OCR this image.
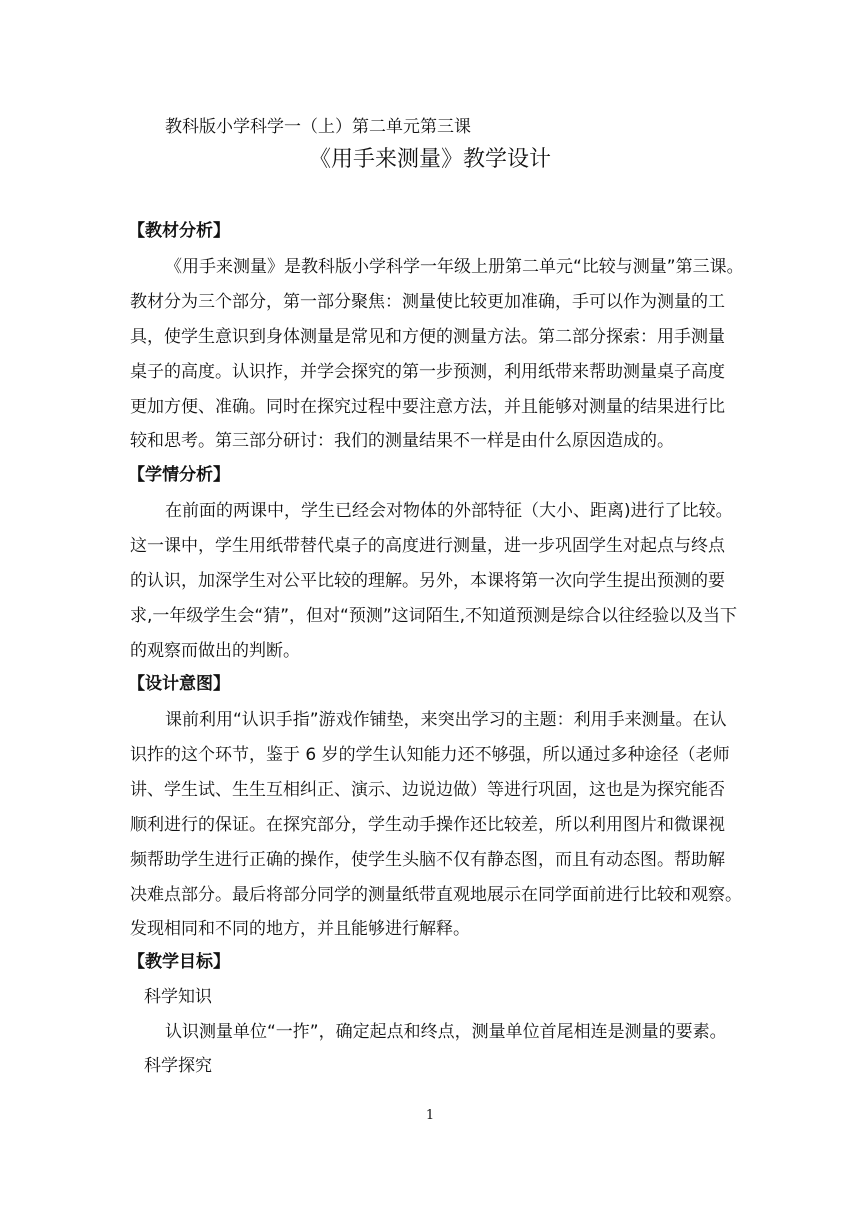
教科版小学科学一（上）第二单元第三课
《用手来测量》教学设计
【教材分析】
《用手来测量》是教科版小学科学一年级上册第二单元“比较与测量”第三课。
教材分为三个部分，第一部分聚焦：测量使比较更加准确，手可以作为测量的工
具，使学生意识到身体测量是常见和方便的测量方法。第二部分探索：用手测量
桌子的高度。认识拃，并学会探究的第一步预测，利用纸带来帮助测量桌子高度
更加方便、准确。同时在探究过程中要注意方法，并且能够对测量的结果进行比
较和思考。第三部分研讨：我们的测量结果不一样是由什么原因造成的。
【学情分析】
在前面的两课中，学生已经会对物体的外部特征（大小、距离)进行了比较。
这一课中，学生用纸带替代桌子的高度进行测量，进一步巩固学生对起点与终点
的认识，加深学生对公平比较的理解。另外，本课将第一次向学生提出预测的要
求,一年级学生会“猜”，但对“预测”这词陌生,不知道预测是综合以往经验以及当下
的观察而做出的判断。
【设计意图】
课前利用“认识手指”游戏作铺垫，来突出学习的主题：利用手来测量。在认
识拃的这个环节，鉴于 6 岁的学生认知能力还不够强，所以通过多种途径（老师
讲、学生试、生生互相纠正、演示、边说边做）等进行巩固，这也是为探究能否
顺利进行的保证。在探究部分，学生动手操作还比较差，所以利用图片和微课视
频帮助学生进行正确的操作，使学生头脑不仅有静态图，而且有动态图。帮助解
决难点部分。最后将部分同学的测量纸带直观地展示在同学面前进行比较和观察。
发现相同和不同的地方，并且能够进行解释。
【教学目标】
科学知识
认识测量单位“一拃”，确定起点和终点，测量单位首尾相连是测量的要素。
科学探究
1
